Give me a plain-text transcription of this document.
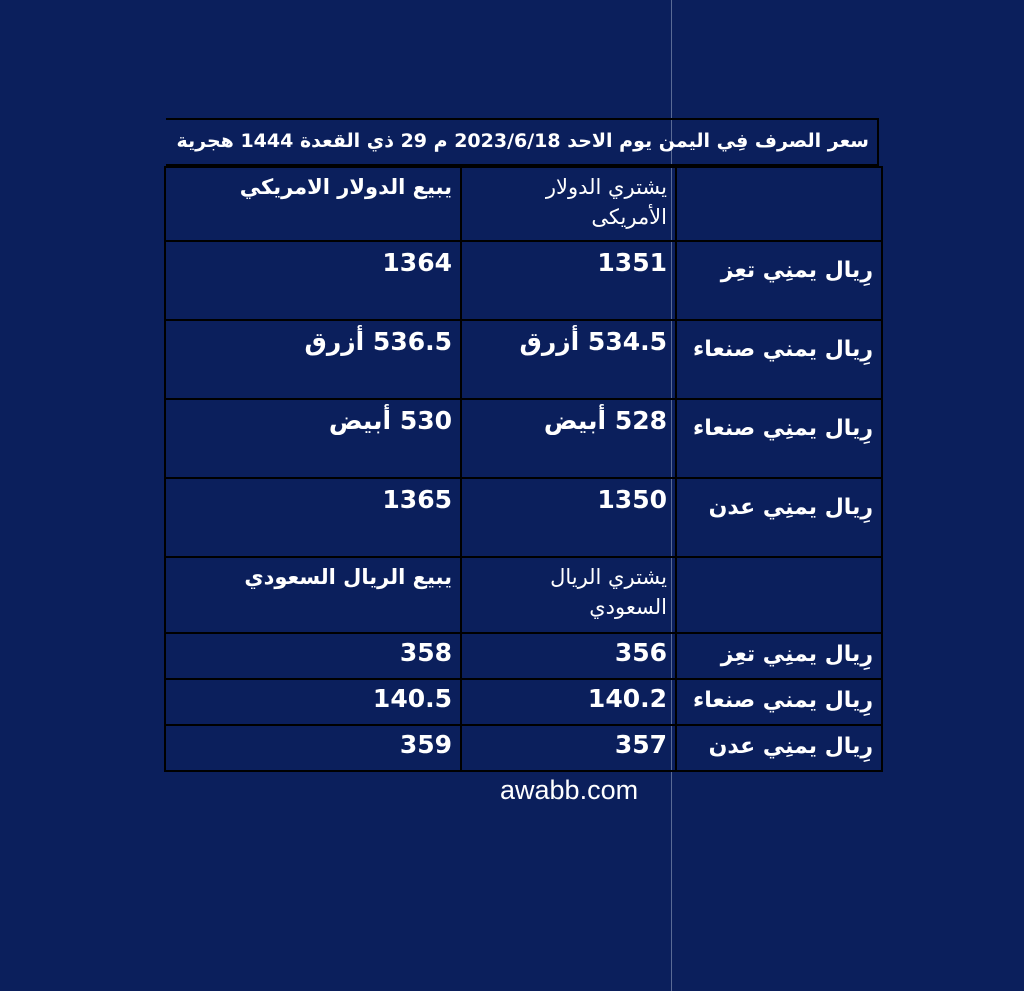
سعر الصرف فِي اليمن يوم الاحد 2023/6/18 م 29 ذي القعدة 1444 هجرية
	يشتري الدولار الأمريكى	يبيع الدولار الامريكي
رِيال يمنِي تعِز	1351	1364
رِيال يمني صنعاء	534.5 أزرق	536.5 أزرق
رِيال يمنِي صنعاء	528 أبيض	530 أبيض
رِيال يمنِي عدن	1350	1365
	يشتري الريال السعودي	يبيع الريال السعودي
رِيال يمنِي تعِز	356	358
رِيال يمني صنعاء	140.2	140.5
رِيال يمنِي عدن	357	359
awabb.com
